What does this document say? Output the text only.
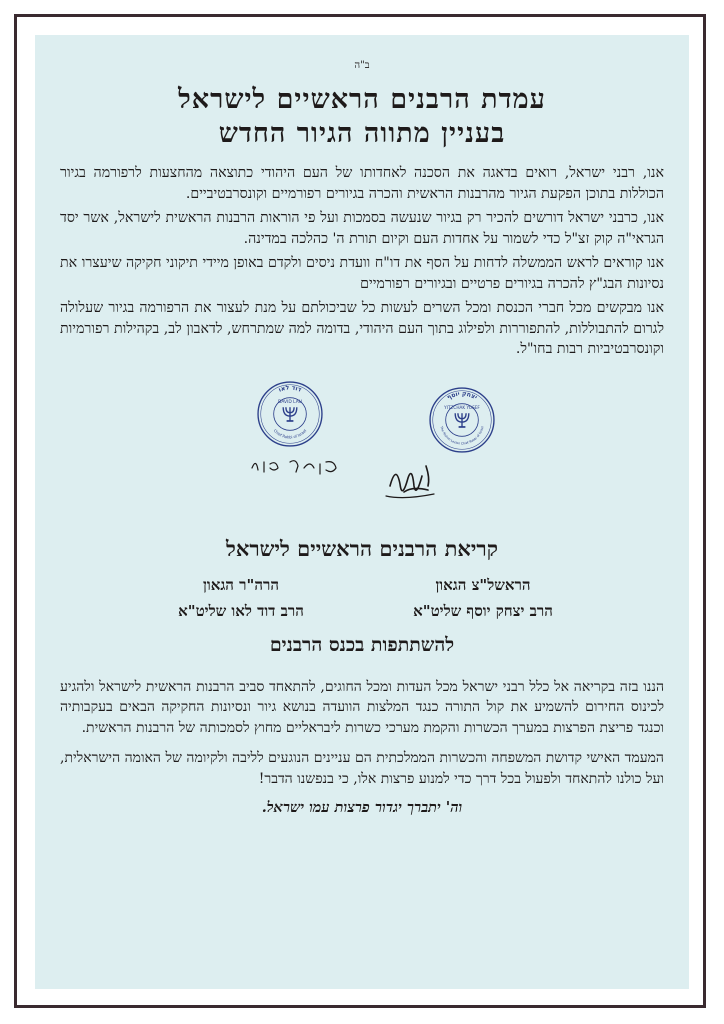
ב"ה
עמדת הרבנים הראשיים לישראל
בעניין מתווה הגיור החדש

אנו, רבני ישראל, רואים בדאגה את הסכנה לאחדותו של העם היהודי כתוצאה מהחצעות לרפורמה בגיור הכוללות בתוכן הפקעת הגיור מהרבנות הראשית והכרה בגיורים רפורמיים וקונסרבטיביים.

אנו, כרבני ישראל דורשים להכיר רק בגיור שנעשה בסמכות ועל פי הוראות הרבנות הראשית לישראל, אשר יסד הגראי"ה קוק זצ"ל כדי לשמור על אחדות העם וקיום תורת ה' כהלכה במדינה.

אנו קוראים לראש הממשלה לדחות על הסף את דו"ח וועדת ניסים ולקדם באופן מיידי תיקוני חקיקה שיעצרו את נסיונות הבג"ץ להכרה בגיורים פרטיים ובגיורים רפורמיים

אנו מבקשים מכל חברי הכנסת ומכל השרים לעשות כל שביכולתם על מנת לעצור את הרפורמה בגיור שעלולה לגרום להתבוללות, להתפוררות ולפילוג בתוך העם היהודי, בדומה למה שמתרחש, לדאבון לב, בקהילות רפורמיות וקונסרבטיביות רבות בחו"ל.

יצחק יוסף
YITZCHAK YOSEF
The Rishon Lezion Chief Rabbi of Israel
דוד לאו
DAVID LAU
Chief Rabbi of Israel
קריאת הרבנים הראשיים לישראל
הראשל"צ הגאון
הרה"ר הגאון
הרב יצחק יוסף שליט"א
הרב דוד לאו שליט"א
להשתתפות בכנס הרבנים

הננו בזה בקריאה אל כלל רבני ישראל מכל העדות ומכל החוגים, להתאחד סביב הרבנות הראשית לישראל ולהגיע לכינוס החירום להשמיע את קול התורה כנגד המלצות הוועדה בנושא גיור ונסיונות החקיקה הבאים בעקבותיה וכנגד פריצת הפרצות במערך הכשרות והקמת מערכי כשרות ליבראליים מחוץ לסמכותה של הרבנות הראשית.

המעמד האישי קדושת המשפחה והכשרות הממלכתית הם עניינים הנוגעים לליבה ולקיומה של האומה הישראלית, ועל כולנו להתאחד ולפעול בכל דרך כדי למנוע פרצות אלו, כי בנפשנו הדבר!

וה' יתברך יגדור פרצות עמו ישראל.
